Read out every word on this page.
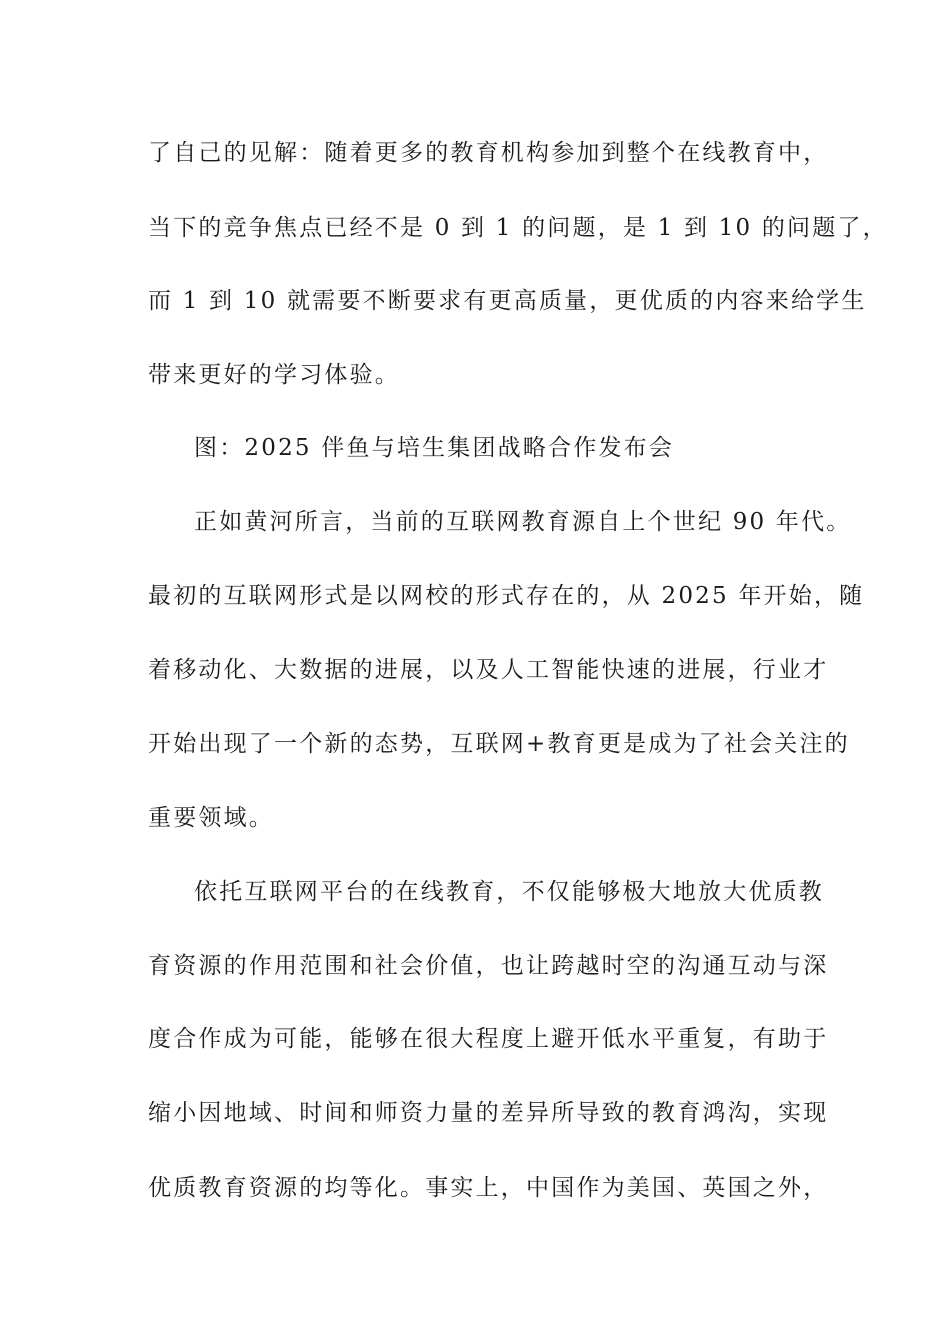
了自己的见解：随着更多的教育机构参加到整个在线教育中，
当下的竞争焦点已经不是 0 到 1 的问题，是 1 到 10 的问题了，
而 1 到 10 就需要不断要求有更高质量，更优质的内容来给学生
带来更好的学习体验。
图：2025 伴鱼与培生集团战略合作发布会
正如黄河所言，当前的互联网教育源自上个世纪 90 年代。
最初的互联网形式是以网校的形式存在的，从 2025 年开始，随
着移动化、大数据的进展，以及人工智能快速的进展，行业才
开始出现了一个新的态势，互联网+教育更是成为了社会关注的
重要领域。
依托互联网平台的在线教育，不仅能够极大地放大优质教
育资源的作用范围和社会价值，也让跨越时空的沟通互动与深
度合作成为可能，能够在很大程度上避开低水平重复，有助于
缩小因地域、时间和师资力量的差异所导致的教育鸿沟，实现
优质教育资源的均等化。事实上，中国作为美国、英国之外，
